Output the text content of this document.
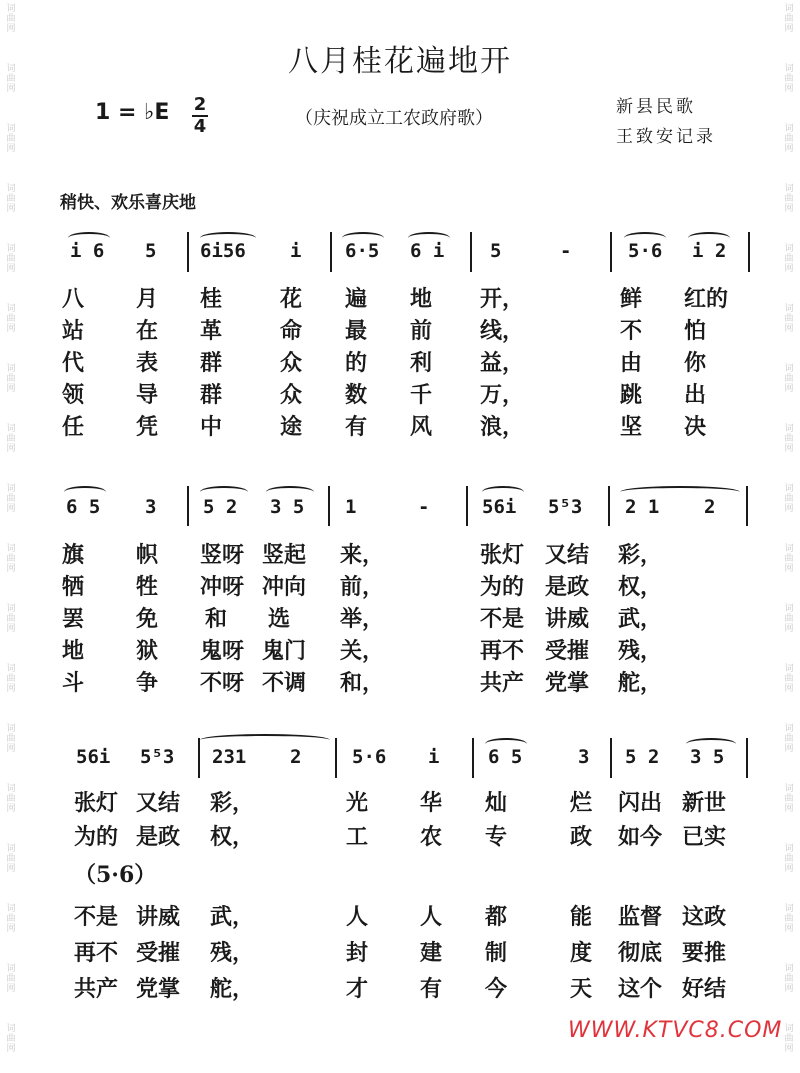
词
曲
网
词
曲
网
词
曲
网
词
曲
网
词
曲
网
词
曲
网
词
曲
网
词
曲
网
词
曲
网
词
曲
网
词
曲
网
词
曲
网
词
曲
网
词
曲
网
词
曲
网
词
曲
网
词
曲
网
词
曲
网
词
曲
网
词
曲
网
词
曲
网
词
曲
网
词
曲
网
词
曲
网
词
曲
网
词
曲
网
词
曲
网
词
曲
网
词
曲
网
词
曲
网
词
曲
网
词
曲
网
词
曲
网
词
曲
网
词
曲
网
词
曲
网
八月桂花遍地开
1 = ♭E 2
4	（庆祝成立工农政府歌）
新县民歌
王致安记录
稍快、欢乐喜庆地
i 6 5 6i56 i 6·5 6 i 5	-	5·6 i 2
八 月 桂	花 遍 地 开，	鲜 红的
站 在 革	命 最 前 线，	不 怕
代 表 群	众 的 利 益，	由 你
领 导 群	众 数 千 万，	跳 出
任 凭 中	途 有 风 浪，	坚 决
6 5 3 5 2 3 5 1	-	56i 5⁵3 2 1 2
旗 帜 竖呀 竖起 来，	张灯 又结 彩，
牺 牲 冲呀 冲向 前，	为的 是政 权，
罢 免 和 选 举，	不是 讲威 武，
地 狱 鬼呀 鬼门 关，	再不 受摧 残，
斗 争 不呀 不调 和，	共产 党掌 舵，
56i 5⁵3 231 2	5·6 i	6 5	3 5 2 3 5
张灯 又结 彩，	光 华 灿	烂 闪出 新世
为的 是政 权，	工 农 专	政 如今 已实
（5·6）
不是 讲威 武，	人 人 都	能 监督 这政
再不 受摧 残，	封 建 制	度 彻底 要推
共产 党掌 舵，	才 有 今	天 这个 好结
WWW.KTVC8.COM
